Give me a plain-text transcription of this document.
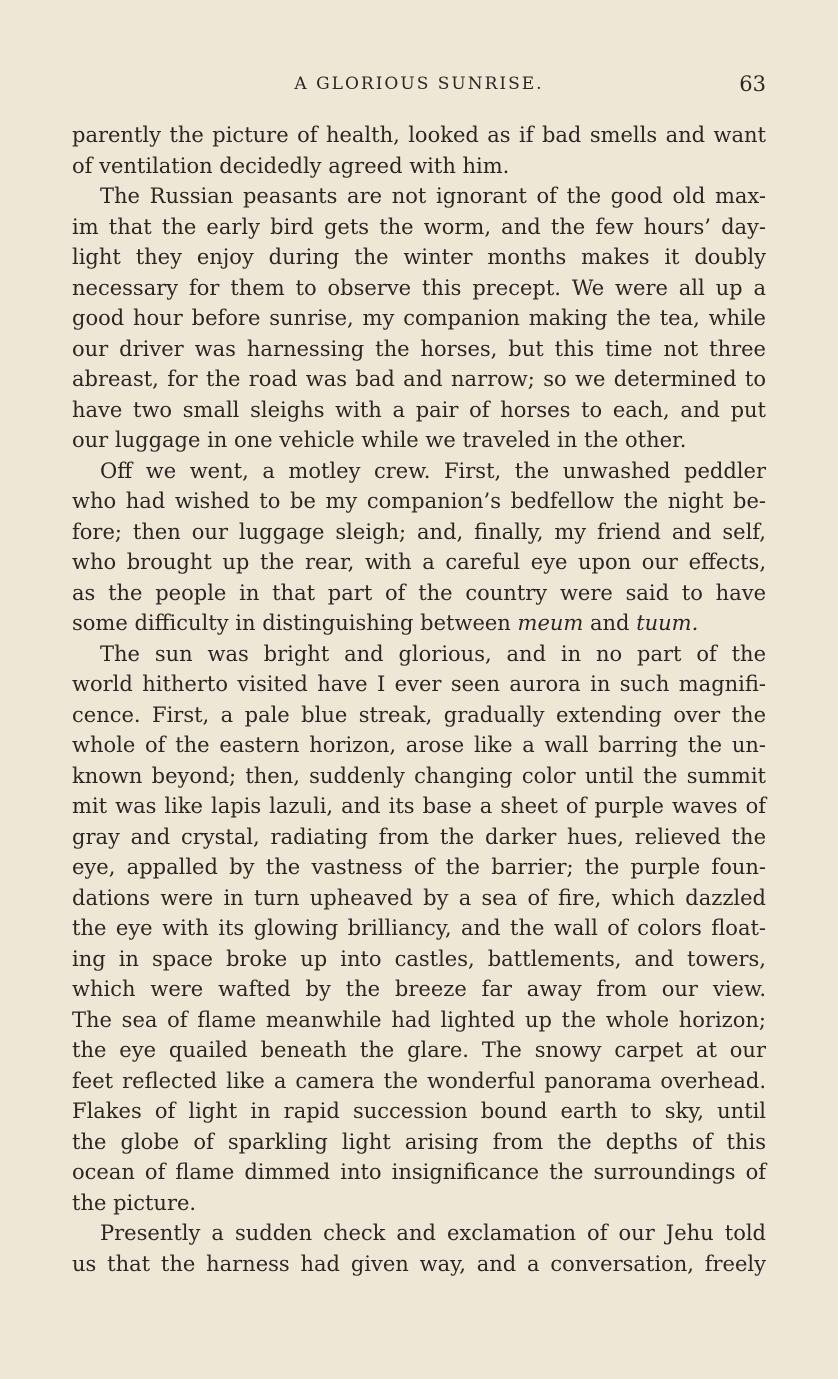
A GLORIOUS SUNRISE.	63
parently the picture of health, looked as if bad smells and want
of ventilation decidedly agreed with him.
The Russian peasants are not ignorant of the good old max-
im that the early bird gets the worm, and the few hours’ day-
light they enjoy during the winter months makes it doubly
necessary for them to observe this precept. We were all up a
good hour before sunrise, my companion making the tea, while
our driver was harnessing the horses, but this time not three
abreast, for the road was bad and narrow; so we determined to
have two small sleighs with a pair of horses to each, and put
our luggage in one vehicle while we traveled in the other.
Off we went, a motley crew. First, the unwashed peddler
who had wished to be my companion’s bedfellow the night be-
fore; then our luggage sleigh; and, finally, my friend and self,
who brought up the rear, with a careful eye upon our effects,
as the people in that part of the country were said to have
some difficulty in distinguishing between meum and tuum.
The sun was bright and glorious, and in no part of the
world hitherto visited have I ever seen aurora in such magnifi-
cence. First, a pale blue streak, gradually extending over the
whole of the eastern horizon, arose like a wall barring the un-
known beyond; then, suddenly changing color until the summit
mit was like lapis lazuli, and its base a sheet of purple waves of
gray and crystal, radiating from the darker hues, relieved the
eye, appalled by the vastness of the barrier; the purple foun-
dations were in turn upheaved by a sea of fire, which dazzled
the eye with its glowing brilliancy, and the wall of colors float-
ing in space broke up into castles, battlements, and towers,
which were wafted by the breeze far away from our view.
The sea of flame meanwhile had lighted up the whole horizon;
the eye quailed beneath the glare. The snowy carpet at our
feet reflected like a camera the wonderful panorama overhead.
Flakes of light in rapid succession bound earth to sky, until
the globe of sparkling light arising from the depths of this
ocean of flame dimmed into insignificance the surroundings of
the picture.
Presently a sudden check and exclamation of our Jehu told
us that the harness had given way, and a conversation, freely
